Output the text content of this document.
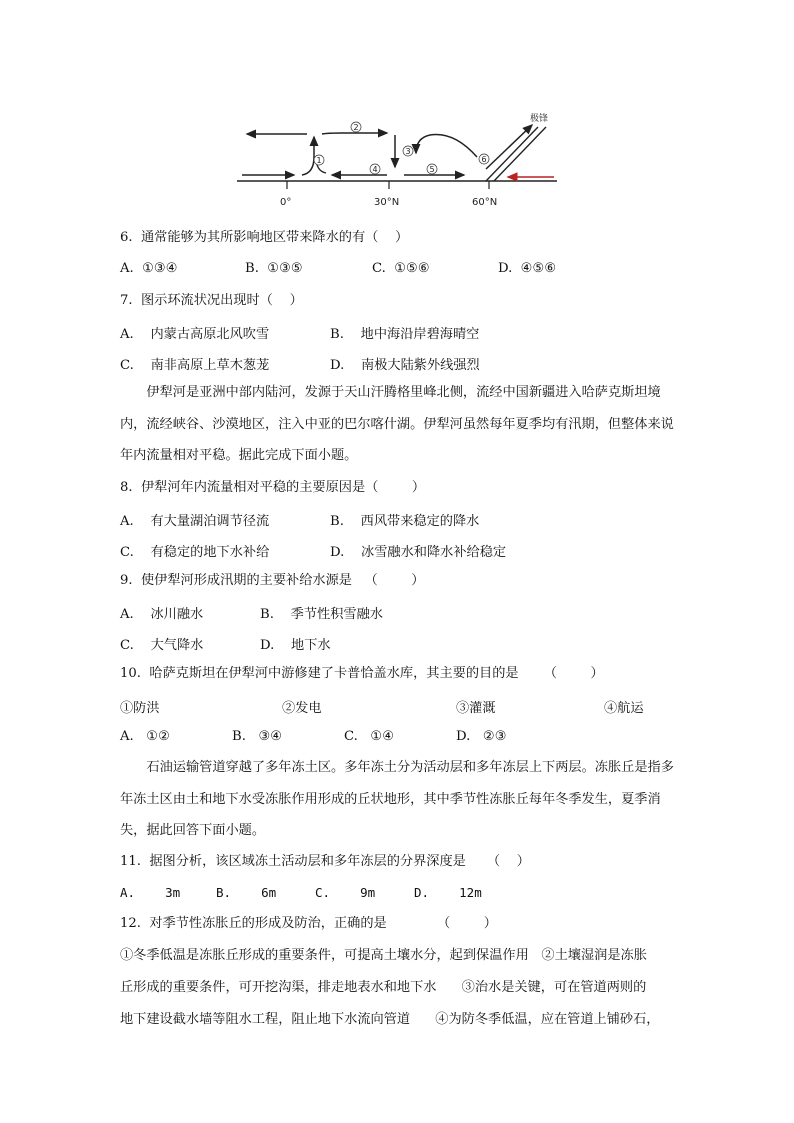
1
2
3
4	5
6
极锋
0°	30°N	60°N
6.  通常能够为其所影响地区带来降水的有（    ）
A.  ①③④	B.  ①③⑤	C.  ①⑤⑥	D.  ④⑤⑥
7.  图示环流状况出现时（    ）
A.    内蒙古高原北风吹雪	B.    地中海沿岸碧海晴空
C.    南非高原上草木葱茏	D.    南极大陆紫外线强烈
伊犁河是亚洲中部内陆河，发源于天山汗腾格里峰北侧，流经中国新疆进入哈萨克斯坦境内，流经峡谷、沙漠地区，注入中亚的巴尔喀什湖。伊犁河虽然每年夏季均有汛期，但整体来说年内流量相对平稳。据此完成下面小题。
8.  伊犁河年内流量相对平稳的主要原因是（        ）
A.    有大量湖泊调节径流	B.    西风带来稳定的降水
C.    有稳定的地下水补给	D.    冰雪融水和降水补给稳定
9.  使伊犁河形成汛期的主要补给水源是   （        ）
A.    冰川融水	B.    季节性积雪融水
C.    大气降水	D.    地下水
10.  哈萨克斯坦在伊犁河中游修建了卡普恰盖水库，其主要的目的是      （        ）
①防洪	②发电	③灌溉	④航运
A.   ①②	B.   ③④	C.   ①④	D.   ②③
石油运输管道穿越了多年冻土区。多年冻土分为活动层和多年冻层上下两层。冻胀丘是指多年冻土区由土和地下水受冻胀作用形成的丘状地形，其中季节性冻胀丘每年冬季发生，夏季消失，据此回答下面小题。
11.  据图分析，该区域冻土活动层和多年冻层的分界深度是     （    ）
A.    3m	B.    6m	C.    9m	D.    12m
12.  对季节性冻胀丘的形成及防治，正确的是            （        ）
①冬季低温是冻胀丘形成的重要条件，可提高土壤水分，起到保温作用   ②土壤湿润是冻胀
丘形成的重要条件，可开挖沟渠，排走地表水和地下水      ③治水是关键，可在管道两则的
地下建设截水墙等阻水工程，阻止地下水流向管道      ④为防冬季低温，应在管道上铺砂石，
